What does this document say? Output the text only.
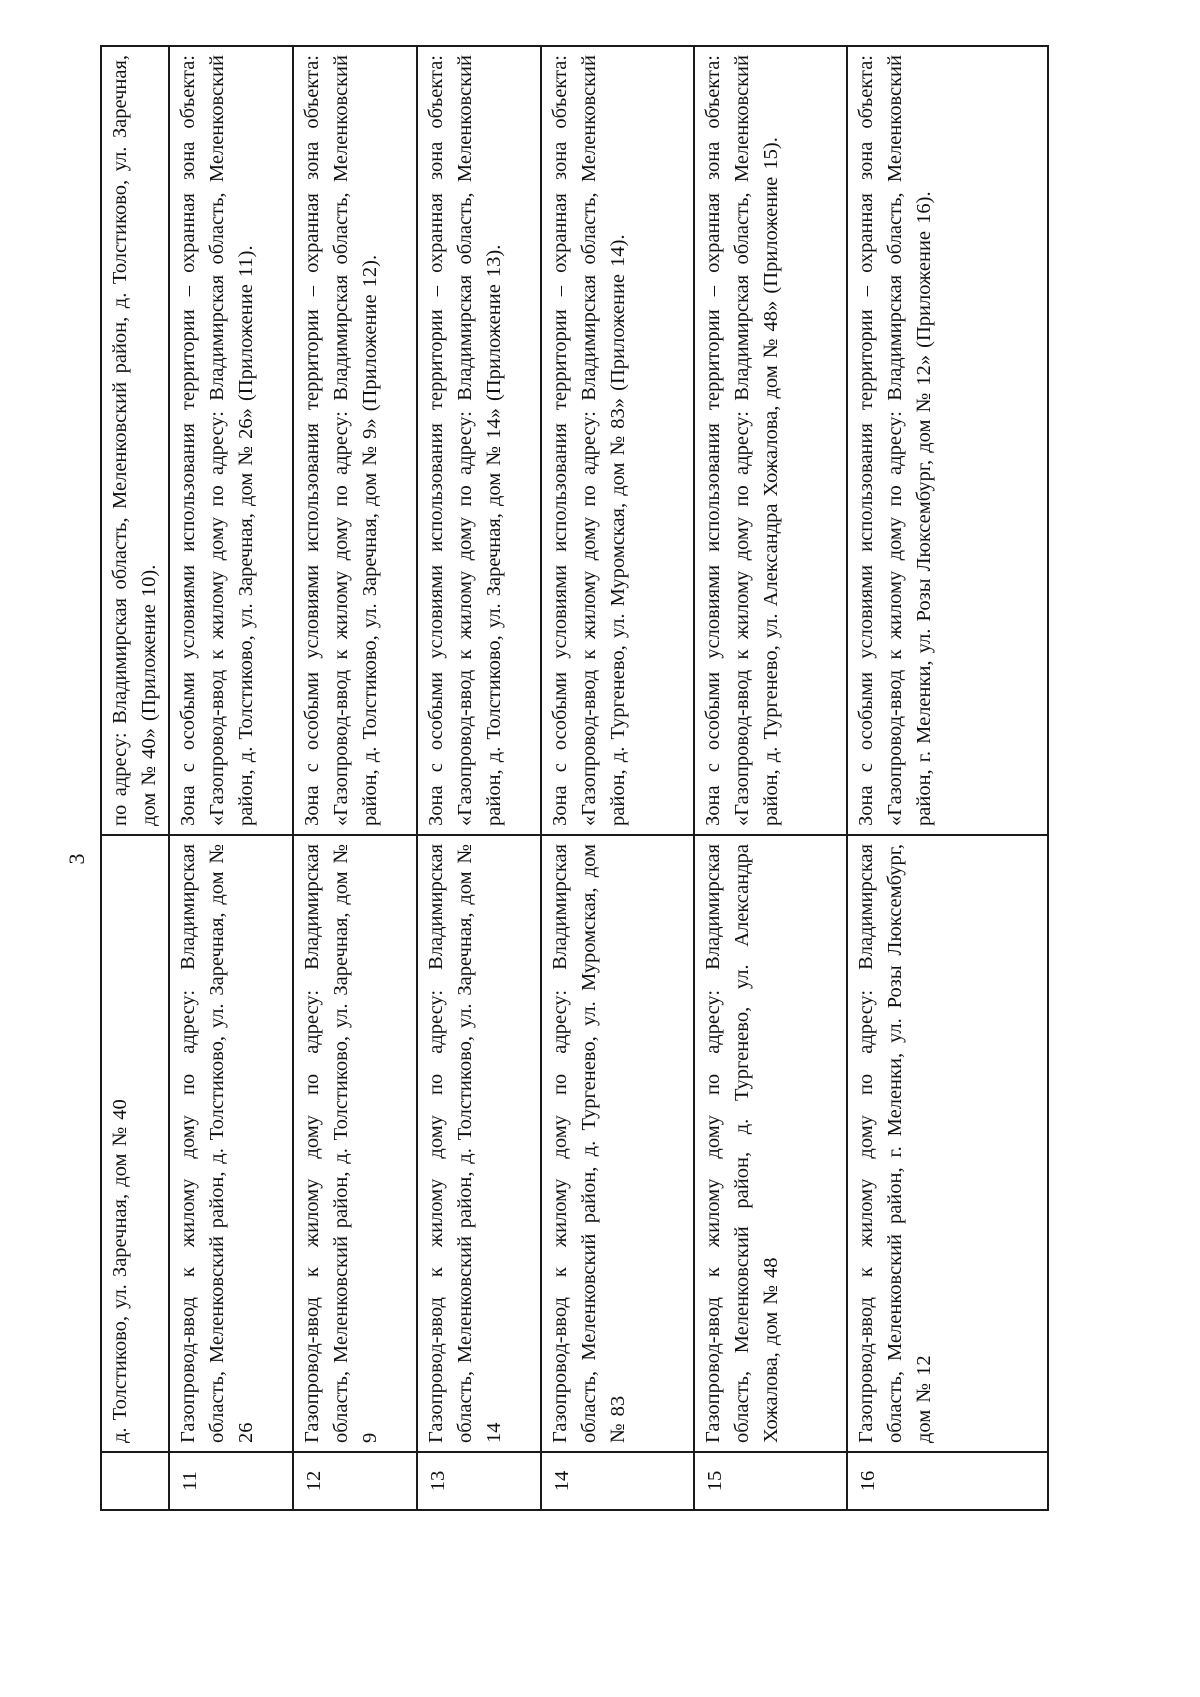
3
	д. Толстиково, ул. Заречная, дом № 40	по адресу: Владимирская область, Меленковский район, д. Толстиково, ул. Заречная, дом № 40» (Приложение 10).
11	Газопровод-ввод к жилому дому по адресу: Владимирская область, Меленковский район, д. Толстиково, ул. Заречная, дом № 26	Зона с особыми условиями использования территории – охранная зона объекта: «Газопровод-ввод к жилому дому по адресу: Владимирская область, Меленковский район, д. Толстиково, ул. Заречная, дом № 26» (Приложение 11).
12	Газопровод-ввод к жилому дому по адресу: Владимирская область, Меленковский район, д. Толстиково, ул. Заречная, дом № 9	Зона с особыми условиями использования территории – охранная зона объекта: «Газопровод-ввод к жилому дому по адресу: Владимирская область, Меленковский район, д. Толстиково, ул. Заречная, дом № 9» (Приложение 12).
13	Газопровод-ввод к жилому дому по адресу: Владимирская область, Меленковский район, д. Толстиково, ул. Заречная, дом № 14	Зона с особыми условиями использования территории – охранная зона объекта: «Газопровод-ввод к жилому дому по адресу: Владимирская область, Меленковский район, д. Толстиково, ул. Заречная, дом № 14» (Приложение 13).
14	Газопровод-ввод к жилому дому по адресу: Владимирская область, Меленковский район, д. Тургенево, ул. Муромская, дом № 83	Зона с особыми условиями использования территории – охранная зона объекта: «Газопровод-ввод к жилому дому по адресу: Владимирская область, Меленковский район, д. Тургенево, ул. Муромская, дом № 83» (Приложение 14).
15	Газопровод-ввод к жилому дому по адресу: Владимирская область, Меленковский район, д. Тургенево, ул. Александра Хожалова, дом № 48	Зона с особыми условиями использования территории – охранная зона объекта: «Газопровод-ввод к жилому дому по адресу: Владимирская область, Меленковский район, д. Тургенево, ул. Александра Хожалова, дом № 48» (Приложение 15).
16	Газопровод-ввод к жилому дому по адресу: Владимирская область, Меленковский район, г. Меленки, ул. Розы Люксембург, дом № 12	Зона с особыми условиями использования территории – охранная зона объекта: «Газопровод-ввод к жилому дому по адресу: Владимирская область, Меленковский район, г. Меленки, ул. Розы Люксембург, дом № 12» (Приложение 16).
